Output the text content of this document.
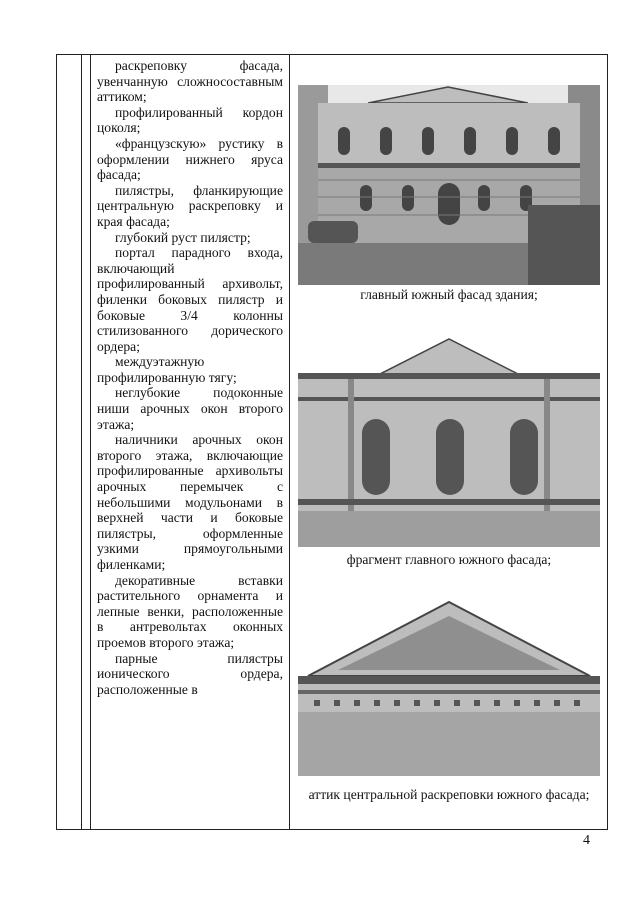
раскреповку фасада,

увенчанную сложносоставным аттиком;

профилированный кордон цоколя;

«французскую» рустику в оформлении нижнего яруса фасада;

пилястры, фланкирующие центральную раскреповку и края фасада;

глубокий руст пилястр;

портал парадного входа, включающий профилированный архивольт, филенки боковых пилястр и боковые 3/4 колонны стилизованного дорического ордера;

междуэтажную профилированную тягу;

неглубокие подоконные ниши арочных окон второго этажа;

наличники арочных окон второго этажа, включающие профилированные архивольты арочных перемычек с небольшими модульонами в верхней части и боковые пилястры, оформленные узкими прямоугольными филенками;

декоративные вставки растительного орнамента и лепные венки, расположенные в антревольтах оконных проемов второго этажа;

парные пилястры ионического ордера, расположенные в

главный южный фасад здания;
фрагмент главного южного фасада;
аттик центральной раскреповки южного фасада;
4
